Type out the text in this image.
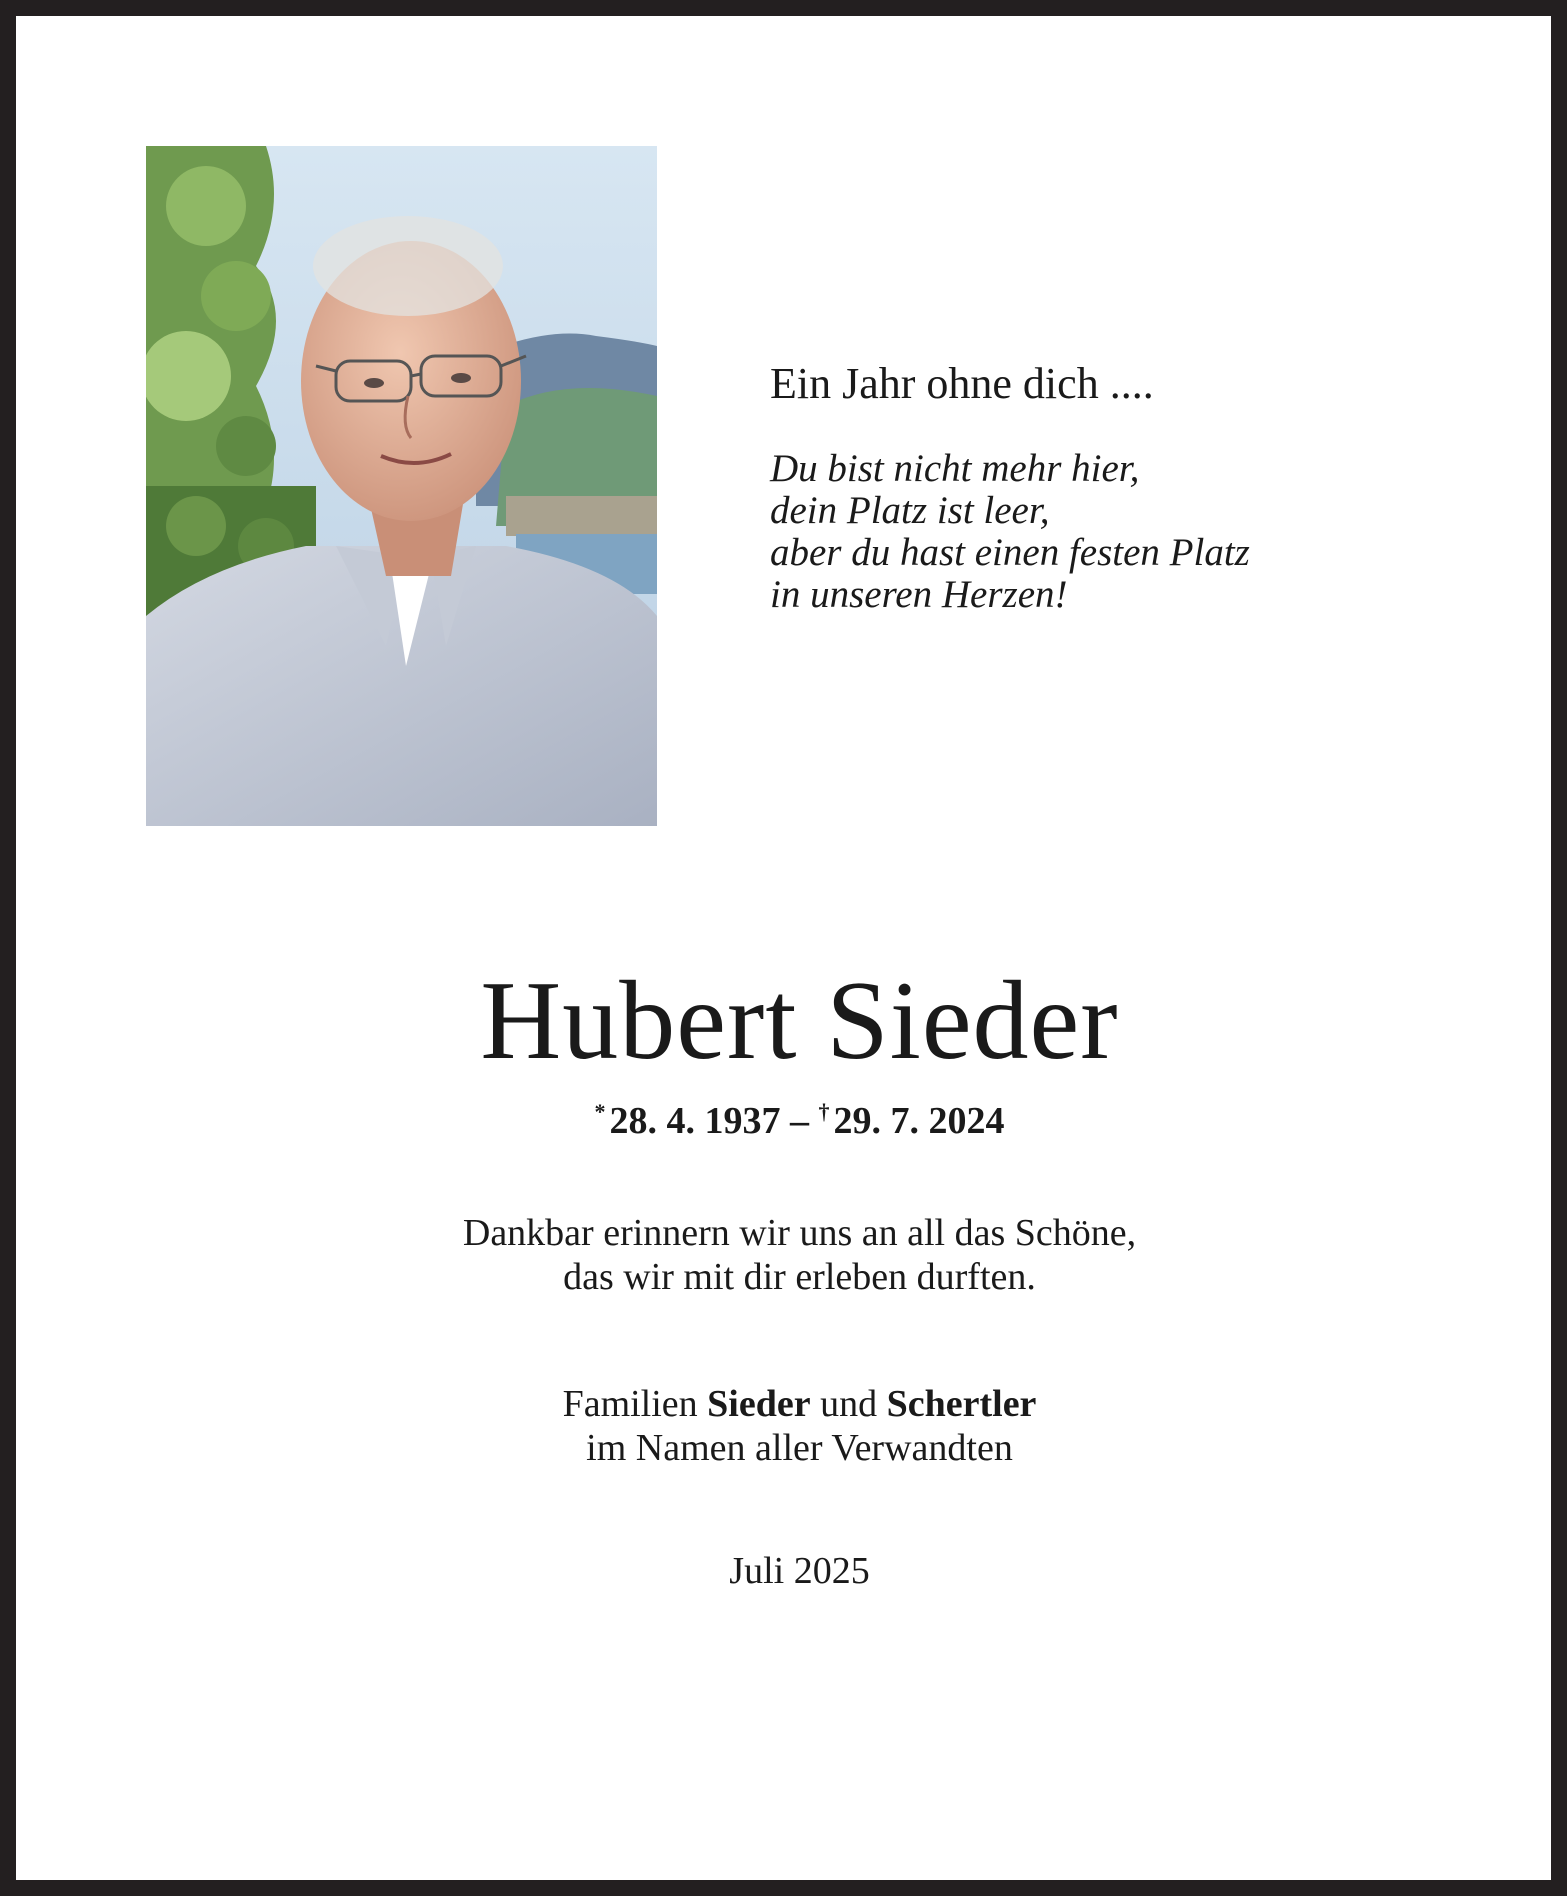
Ein Jahr ohne dich ....
Du bist nicht mehr hier,
dein Platz ist leer,
aber du hast einen festen Platz
in unseren Herzen!
Hubert Sieder
* 28. 4. 1937 – † 29. 7. 2024
Dankbar erinnern wir uns an all das Schöne,
das wir mit dir erleben durften.
Familien Sieder und Schertler
im Namen aller Verwandten
Juli 2025
